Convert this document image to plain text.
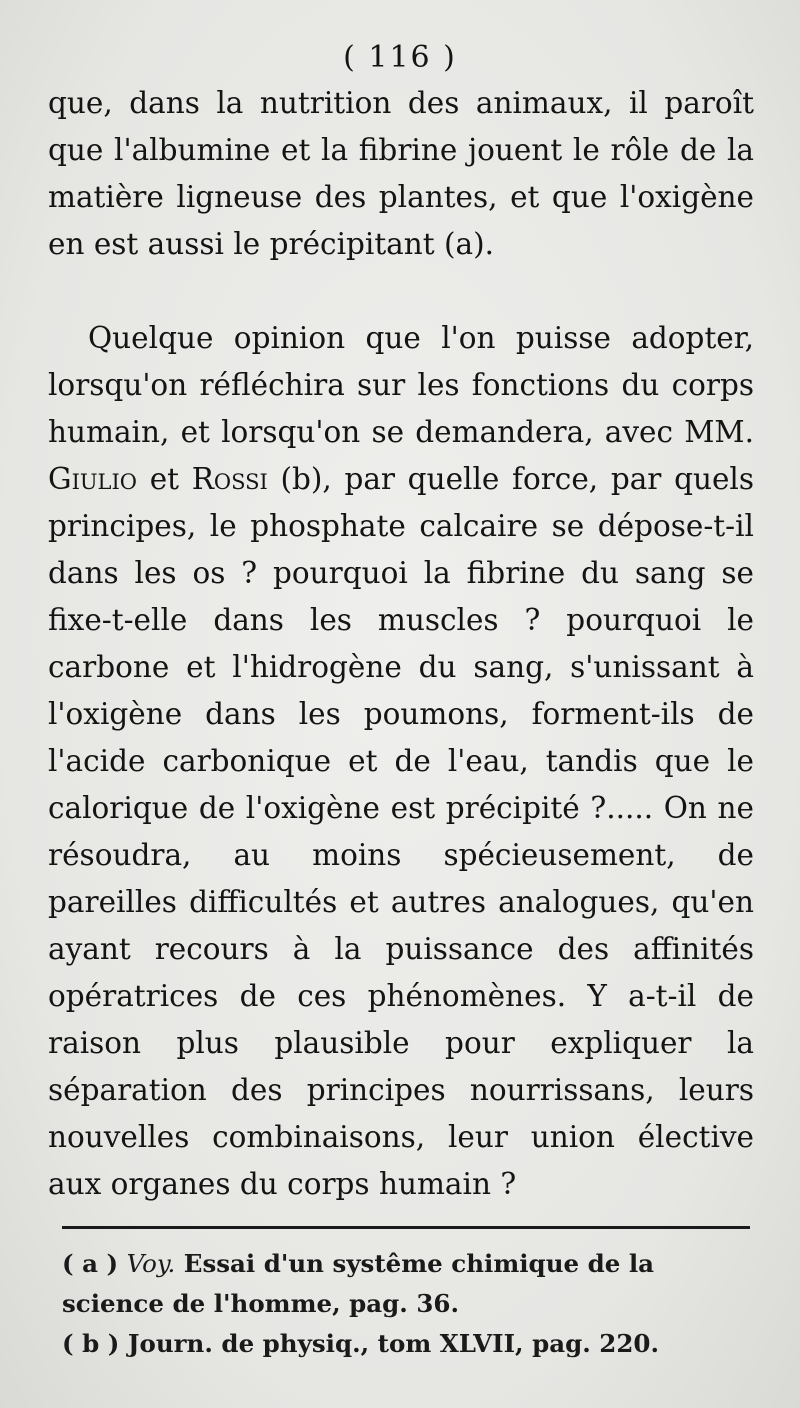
( 116 )

que, dans la nutrition des animaux, il paroît que l'albumine et la fibrine jouent le rôle de la matière ligneuse des plantes, et que l'oxigène en est aussi le précipitant (a).

Quelque opinion que l'on puisse adopter, lorsqu'on réfléchira sur les fonctions du corps humain, et lorsqu'on se demandera, avec MM. Giulio et Rossi (b), par quelle force, par quels principes, le phosphate calcaire se dépose-t-il dans les os ? pourquoi la fibrine du sang se fixe-t-elle dans les muscles ? pourquoi le carbone et l'hidrogène du sang, s'unissant à l'oxigène dans les poumons, forment-ils de l'acide carbonique et de l'eau, tandis que le calorique de l'oxigène est précipité ?..... On ne résoudra, au moins spécieusement, de pareilles difficultés et autres analogues, qu'en ayant recours à la puissance des affinités opératrices de ces phénomènes. Y a-t-il de raison plus plausible pour expliquer la séparation des principes nourrissans, leurs nouvelles combinaisons, leur union élective aux organes du corps humain ?

( a ) Voy. Essai d'un systême chimique de la science de l'homme, pag. 36.

( b ) Journ. de physiq., tom XLVII, pag. 220.
